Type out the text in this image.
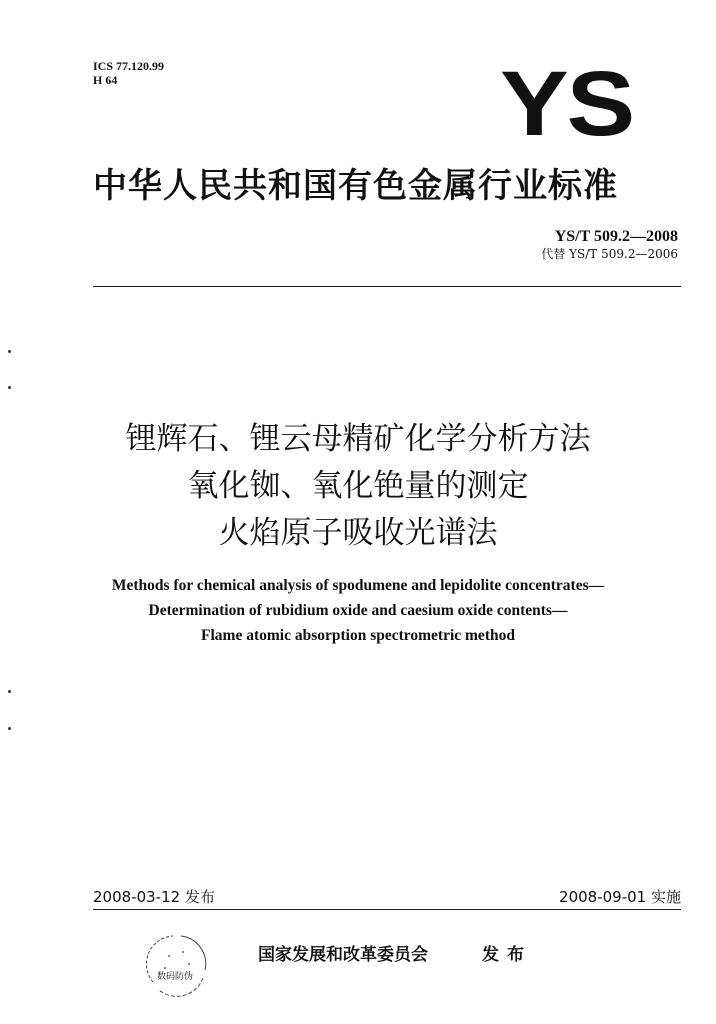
ICS 77.120.99
H 64	YS
中华人民共和国有色金属行业标准
YS/T 509.2—2008
代替 YS/T 509.2—2006
锂辉石、锂云母精矿化学分析方法
氧化铷、氧化铯量的测定
火焰原子吸收光谱法
Methods for chemical analysis of spodumene and lepidolite concentrates—
Determination of rubidium oxide and caesium oxide contents—
Flame atomic absorption spectrometric method
2008-03-12 发布	2008-09-01 实施
数码防伪
国家发展和改革委员会	发布
